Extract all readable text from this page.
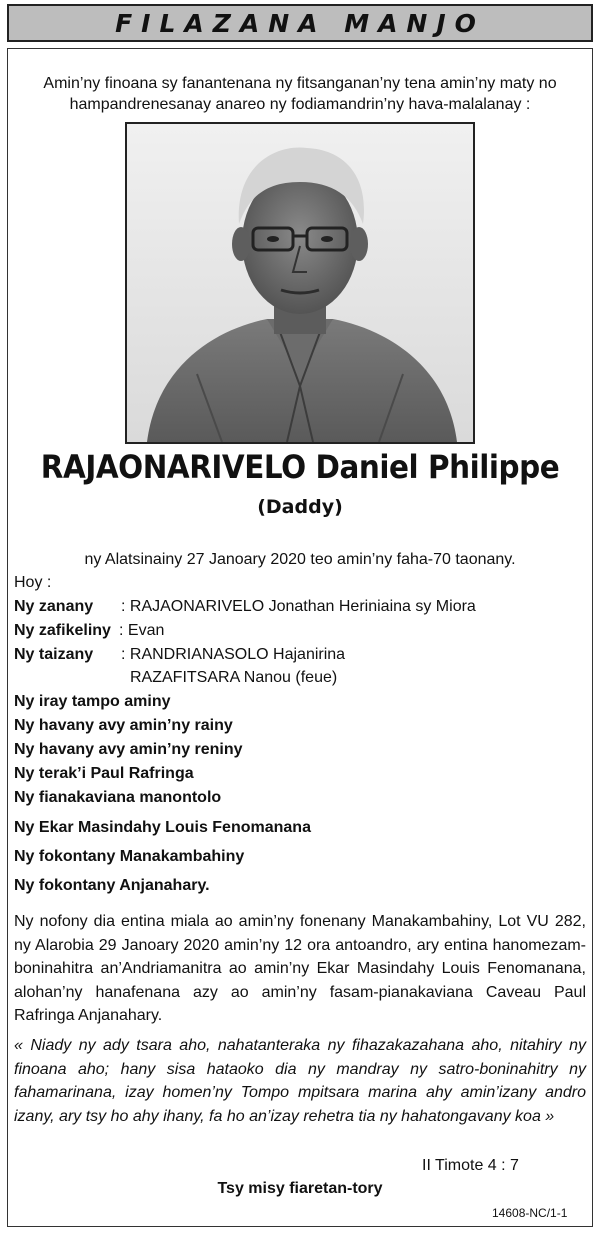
FILAZANA MANJO
Amin’ny finoana sy fanantenana ny fitsanganan’ny tena amin’ny maty no hampandrenesanay anareo ny fodiamandrin’ny hava-malalanay :
RAJAONARIVELO Daniel Philippe
(Daddy)
ny Alatsinainy 27 Janoary 2020 teo amin’ny faha-70 taonany.
Hoy :
Ny zanany : RAJAONARIVELO Jonathan Heriniaina sy Miora
Ny zafikeliny : Evan
Ny taizany : RANDRIANASOLO Hajanirina
RAZAFITSARA Nanou (feue)
Ny iray tampo aminy
Ny havany avy amin’ny rainy
Ny havany avy amin’ny reniny
Ny terak’i Paul Rafringa
Ny fianakaviana manontolo
Ny Ekar Masindahy Louis Fenomanana
Ny fokontany Manakambahiny
Ny fokontany Anjanahary.
Ny nofony dia entina miala ao amin’ny fonenany Manakambahiny, Lot VU 282, ny Alarobia 29 Janoary 2020 amin’ny 12 ora antoandro, ary entina hanomezam-boninahitra an’Andriamanitra ao amin’ny Ekar Masindahy Louis Fenomanana, alohan’ny hanafenana azy ao amin’ny fasam-pianakaviana Caveau Paul Rafringa Anjanahary.
« Niady ny ady tsara aho, nahatanteraka ny fihazakazahana aho, nitahiry ny finoana aho; hany sisa hataoko dia ny mandray ny satro-boninahitry ny fahamarinana, izay homen’ny Tompo mpitsara marina ahy amin’izany andro izany, ary tsy ho ahy ihany, fa ho an’izay rehetra tia ny hahatongavany koa »
II Timote 4 : 7
Tsy misy fiaretan-tory
14608-NC/1-1
